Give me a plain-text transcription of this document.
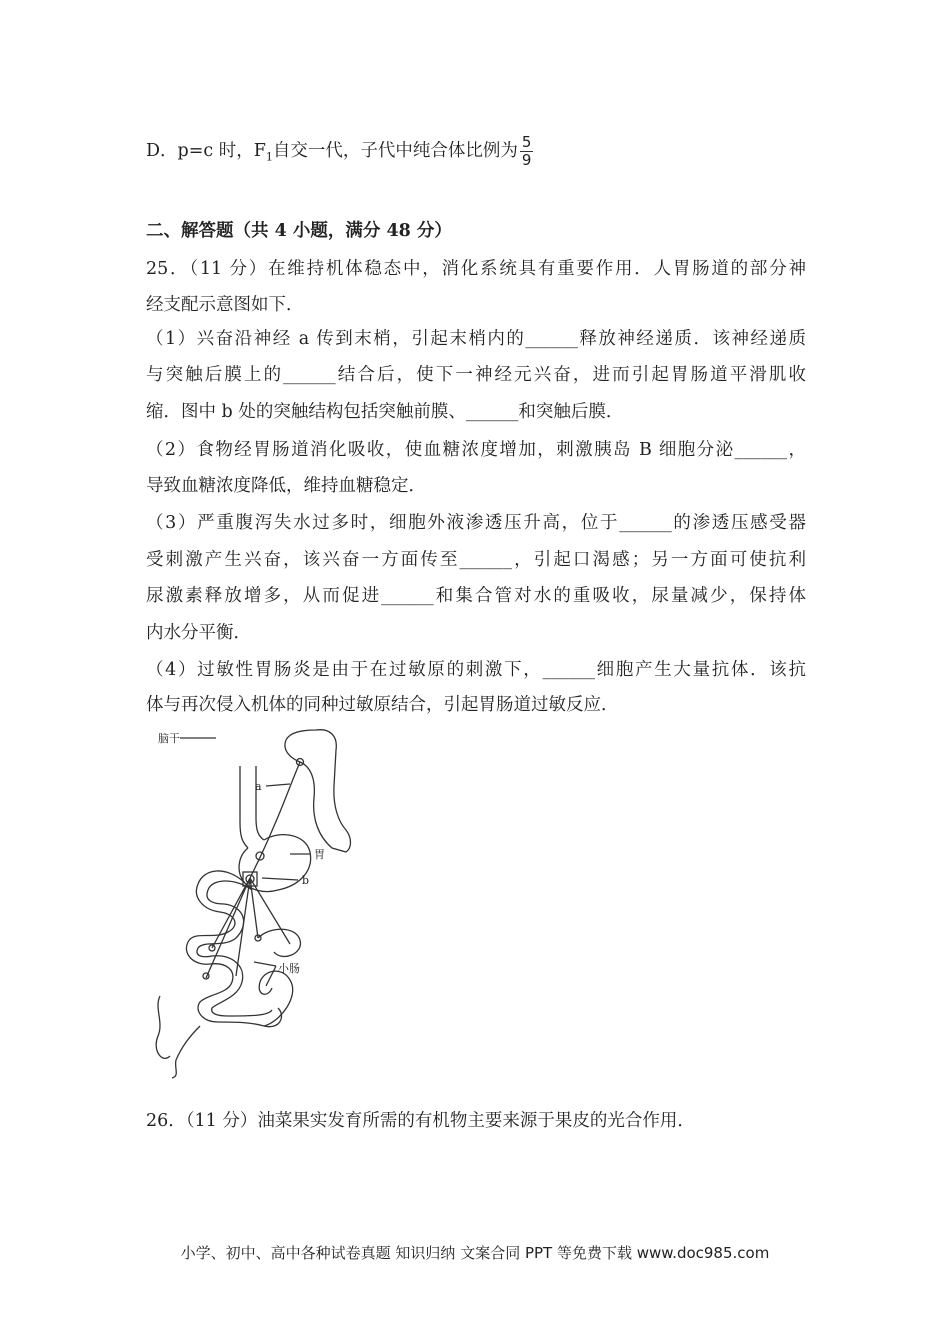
D．p=c 时，$F_1$自交一代，子代中纯合体比例为 $\frac{5}{9}$
二、解答题（共 4 小题，满分 48 分）
25．（11 分）在维持机体稳态中，消化系统具有重要作用．人胃肠道的部分神
经支配示意图如下．
（1）兴奋沿神经 a 传到末梢，引起末梢内的______释放神经递质．该神经递质
与突触后膜上的______结合后，使下一神经元兴奋，进而引起胃肠道平滑肌收
缩．图中 b 处的突触结构包括突触前膜、______和突触后膜．
（2）食物经胃肠道消化吸收，使血糖浓度增加，刺激胰岛 B 细胞分泌______，
导致血糖浓度降低，维持血糖稳定．
（3）严重腹泻失水过多时，细胞外液渗透压升高，位于______的渗透压感受器
受刺激产生兴奋，该兴奋一方面传至______，引起口渴感；另一方面可使抗利
尿激素释放增多，从而促进______和集合管对水的重吸收，尿量减少，保持体
内水分平衡．
（4）过敏性胃肠炎是由于在过敏原的刺激下，______细胞产生大量抗体．该抗
体与再次侵入机体的同种过敏原结合，引起胃肠道过敏反应．
脑干
a
胃
b
小肠
26．（11 分）油菜果实发育所需的有机物主要来源于果皮的光合作用．
小学、初中、高中各种试卷真题 知识归纳 文案合同 PPT 等免费下载 www.doc985.com
